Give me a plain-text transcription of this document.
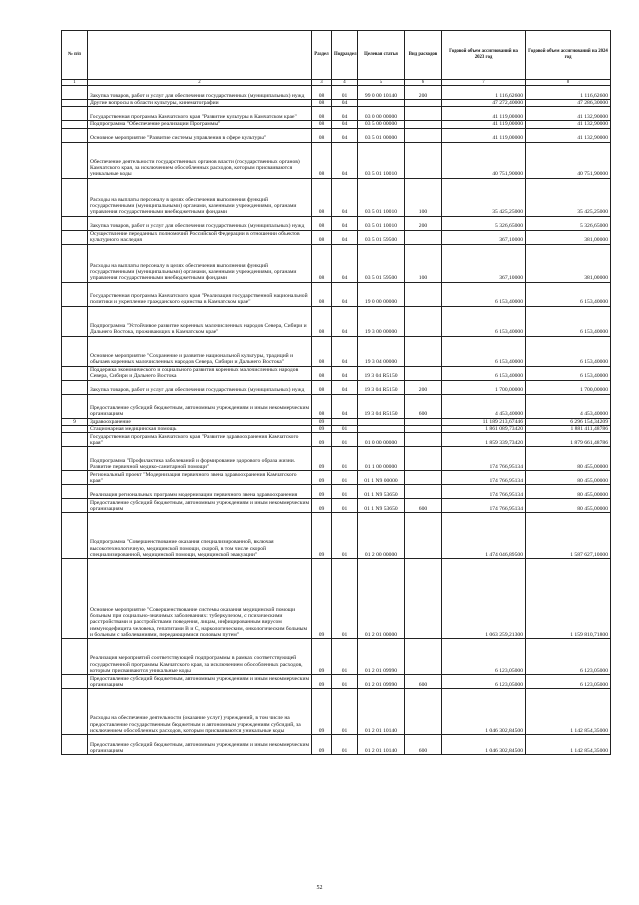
№ п/п		Раздел	Подраздел	Целевая статья	Вид расходов	Годовой объем ассигнований на 2023 год	Годовой объем ассигнований на 2024 год
1	2	3	4	5	6	7	8
	Закупка товаров, работ и услуг для обеспечения государственных (муниципальных) нужд	08	01	99 0 00 10140	200	1 116,62600	1 116,62600
	Другие вопросы в области культуры, кинематографии	08	04			47 272,40000	47 286,30000
	Государственная программа Камчатского края "Развитие культуры в Камчатском крае"	08	04	03 0 00 00000		41 119,00000	41 132,90000
	Подпрограмма "Обеспечение реализации Программы"	08	04	03 5 00 00000		41 119,00000	41 132,90000
	Основное мероприятие "Развитие системы управления в сфере культуры"	08	04	03 5 01 00000		41 119,00000	41 132,90000
	Обеспечение деятельности государственных органов власти (государственных органов) Камчатского края, за исключением обособленных расходов, которым присваиваются уникальные коды	08	04	03 5 01 10010		40 751,90000	40 751,90000
	Расходы на выплаты персоналу в целях обеспечения выполнения функций государственными (муниципальными) органами, казенными учреждениями, органами управления государственными внебюджетными фондами	08	04	03 5 01 10010	100	35 425,25000	35 425,25000
	Закупка товаров, работ и услуг для обеспечения государственных (муниципальных) нужд	08	04	03 5 01 10010	200	5 326,65000	5 326,65000
	Осуществление переданных полномочий Российской Федерации в отношении объектов культурного наследия	08	04	03 5 01 59500		367,10000	381,00000
	Расходы на выплаты персоналу в целях обеспечения выполнения функций государственными (муниципальными) органами, казенными учреждениями, органами управления государственными внебюджетными фондами	08	04	03 5 01 59500	100	367,10000	381,00000
	Государственная программа Камчатского края "Реализация государственной национальной политики и укрепление гражданского единства в Камчатском крае"	08	04	19 0 00 00000		6 153,40000	6 153,40000
	Подпрограмма "Устойчивое развитие коренных малочисленных народов Севера, Сибири и Дальнего Востока, проживающих в Камчатском крае"	08	04	19 3 00 00000		6 153,40000	6 153,40000
	Основное мероприятие "Сохранение и развитие национальной культуры, традиций и обычаев коренных малочисленных народов Севера, Сибири и Дальнего Востока"	08	04	19 3 04 00000		6 153,40000	6 153,40000
	Поддержка экономического и социального развития коренных малочисленных народов Севера, Сибири и Дальнего Востока	08	04	19 3 04 R5150		6 153,40000	6 153,40000
	Закупка товаров, работ и услуг для обеспечения государственных (муниципальных) нужд	08	04	19 3 04 R5150	200	1 700,00000	1 700,00000
	Предоставление субсидий бюджетным, автономным учреждениям и иным некоммерческим организациям	08	04	19 3 04 R5150	600	4 453,40000	4 453,40000
9	Здравоохранение	09				11 189 213,67446	6 296 154,34209
	Стационарная медицинская помощь	09	01			1 861 089,73420	1 881 411,48786
	Государственная программа Камчатского края "Развитие здравоохранения Камчатского края"	09	01	01 0 00 00000		1 859 339,73420	1 879 661,48786
	Подпрограмма "Профилактика заболеваний и формирование здорового образа жизни. Развитие первичной медико-санитарной помощи"	09	01	01 1 00 00000		174 766,95134	80 455,00000
	Региональный проект "Модернизация первичного звена здравоохранения Камчатского края"	09	01	01 1 N9 00000		174 766,95134	80 455,00000
	Реализация региональных программ модернизации первичного звена здравоохранения	09	01	01 1 N9 53650		174 766,95134	80 455,00000
	Предоставление субсидий бюджетным, автономным учреждениям и иным некоммерческим организациям	09	01	01 1 N9 53650	600	174 766,95134	80 455,00000
	Подпрограмма "Совершенствование оказания специализированной, включая высокотехнологичную, медицинской помощи, скорой, в том числе скорой специализированной, медицинской помощи, медицинской эвакуации"	09	01	01 2 00 00000		1 474 046,89500	1 587 627,10000
	Основное мероприятие "Совершенствование системы оказания медицинской помощи больным при социально-значимых заболеваниях: туберкулезом, с психическими расстройствами и расстройствами поведения, лицам, инфицированным вирусом иммунодефицита человека, гепатитами B и C, наркологическим, онкологическим больным и больным с заболеваниями, передающимися половым путем"	09	01	01 2 01 00000		1 063 259,21300	1 159 810,71800
	Реализация мероприятий соответствующей подпрограммы в рамках соответствующей государственной программы Камчатского края, за исключением обособленных расходов, которым присваиваются уникальные коды	09	01	01 2 01 09990		6 123,05000	6 123,05000
	Предоставление субсидий бюджетным, автономным учреждениям и иным некоммерческим организациям	09	01	01 2 01 09990	600	6 123,05000	6 123,05000
	Расходы на обеспечение деятельности (оказание услуг) учреждений, в том числе на предоставление государственным бюджетным и автономным учреждениям субсидий, за исключением обособленных расходов, которым присваиваются уникальные коды	09	01	01 2 01 10140		1 046 302,84500	1 142 854,35000
	Предоставление субсидий бюджетным, автономным учреждениям и иным некоммерческим организациям	09	01	01 2 01 10140	600	1 046 302,84500	1 142 854,35000
52
